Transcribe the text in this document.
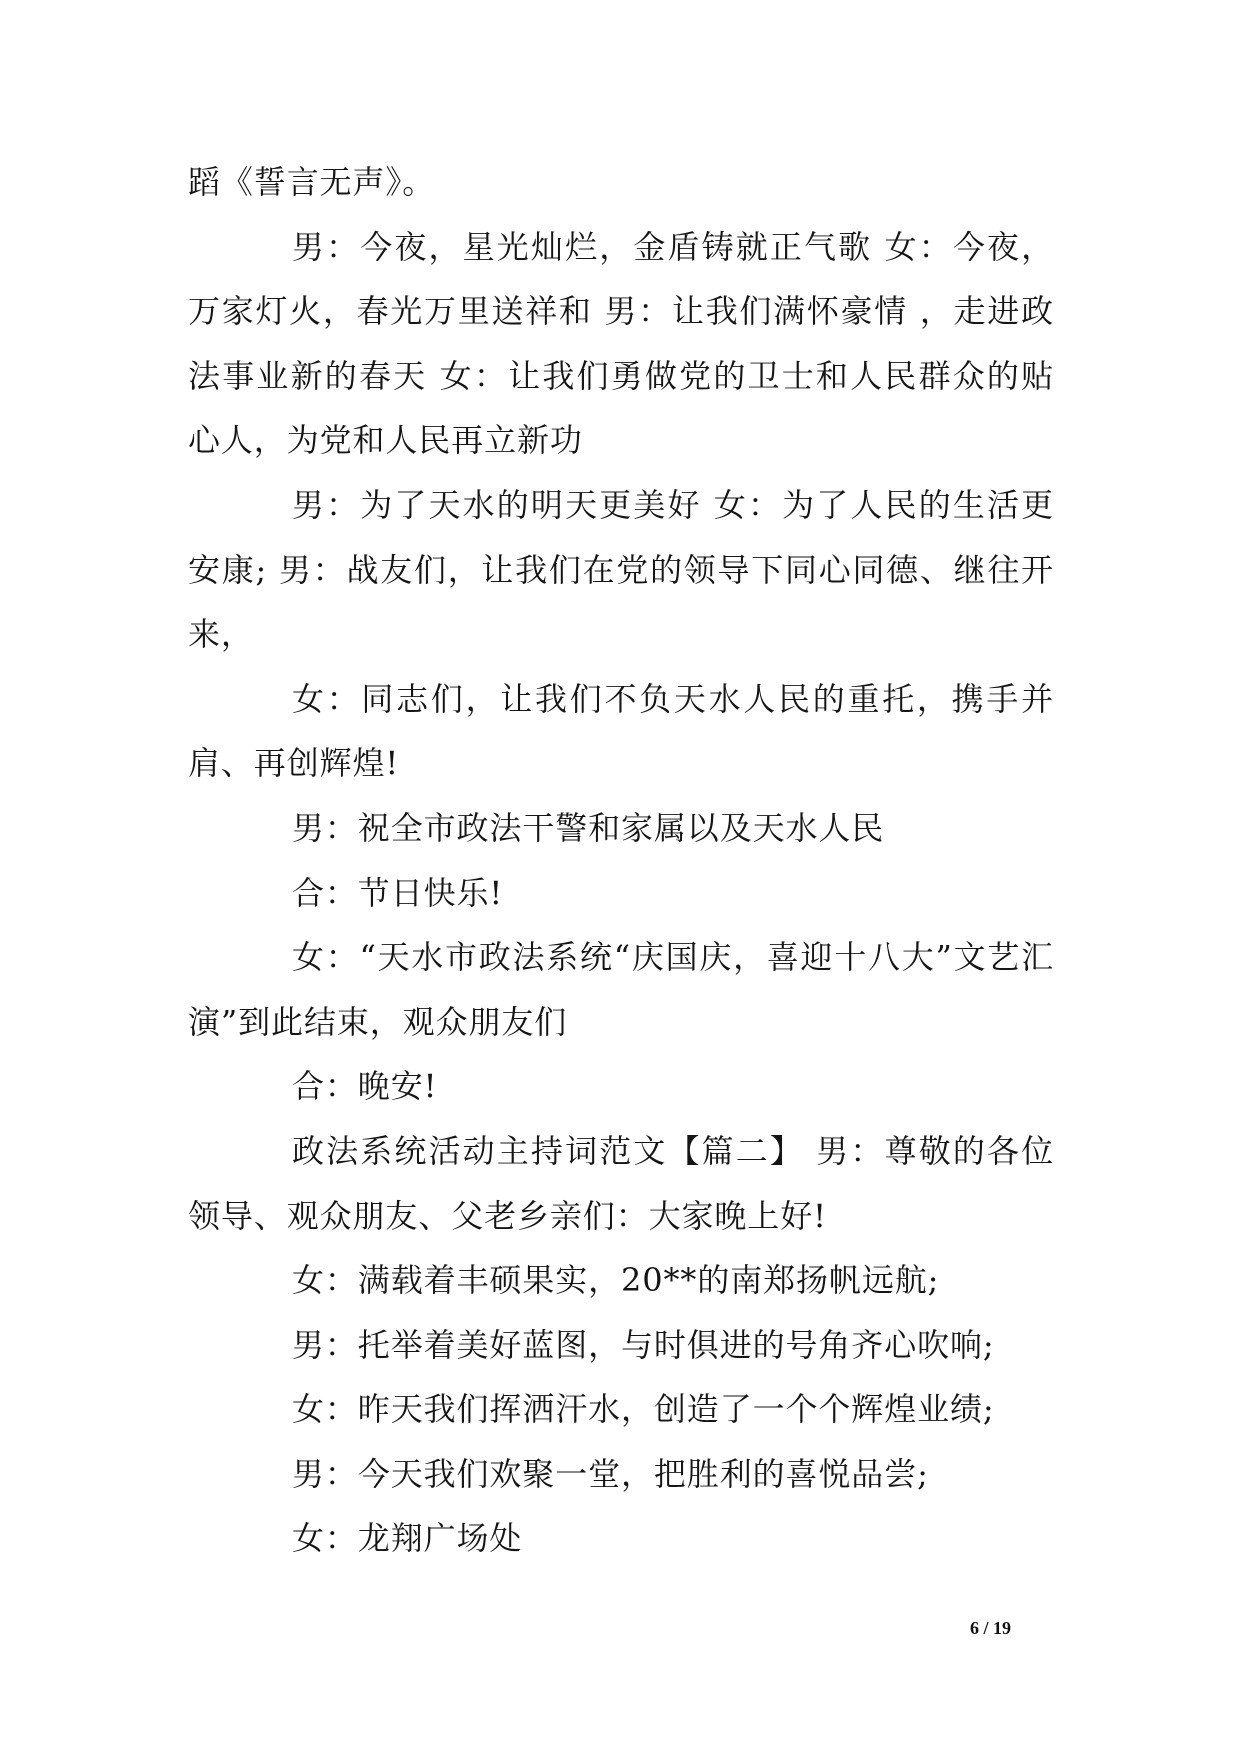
蹈《誓言无声》。

男：今夜，星光灿烂，金盾铸就正气歌 女：今夜，万家灯火，春光万里送祥和 男：让我们满怀豪情 ，走进政法事业新的春天 女：让我们勇做党的卫士和人民群众的贴心人，为党和人民再立新功

男：为了天水的明天更美好 女：为了人民的生活更安康; 男：战友们，让我们在党的领导下同心同德、继往开来，

女：同志们，让我们不负天水人民的重托，携手并肩、再创辉煌!

男：祝全市政法干警和家属以及天水人民

合：节日快乐!

女：“天水市政法系统“庆国庆，喜迎十八大”文艺汇演”到此结束，观众朋友们

合：晚安!

政法系统活动主持词范文【篇二】 男：尊敬的各位领导、观众朋友、父老乡亲们：大家晚上好!

女：满载着丰硕果实，20**的南郑扬帆远航;

男：托举着美好蓝图，与时俱进的号角齐心吹响;

女：昨天我们挥洒汗水，创造了一个个辉煌业绩;

男：今天我们欢聚一堂，把胜利的喜悦品尝;

女：龙翔广场处

6 / 19
